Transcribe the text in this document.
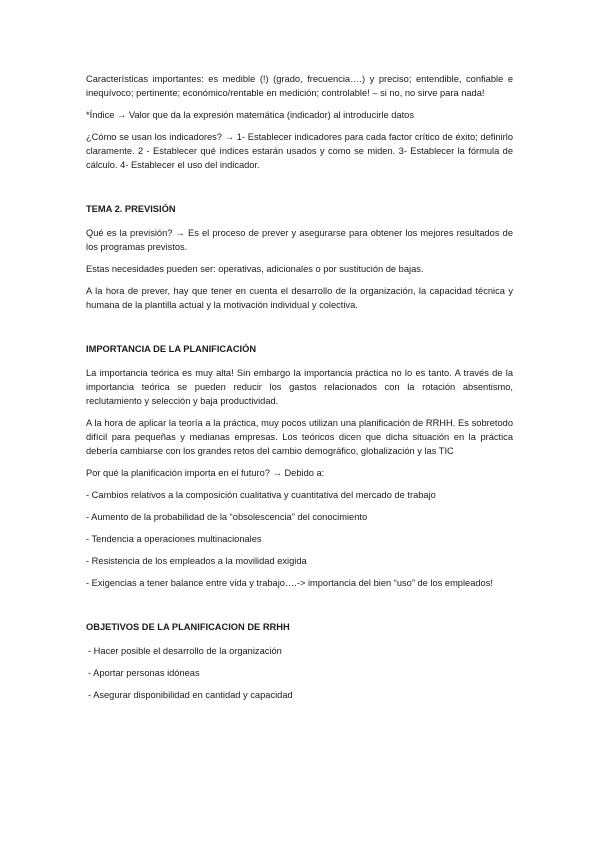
Características importantes: es medible (!) (grado, frecuencia….) y preciso; entendible, confiable e inequívoco; pertinente; económico/rentable en medición; controlable! – si no, no sirve para nada!

*Índice → Valor que da la expresión matemática (indicador) al introducirle datos

¿Cómo se usan los indicadores? → 1- Establecer indicadores para cada factor crítico de éxito; definirlo claramente. 2 - Establecer qué índices estarán usados y como se miden. 3- Establecer la fórmula de cálculo. 4- Establecer el uso del indicador.

TEMA 2. PREVISIÓN

Qué es la previsión? → Es el proceso de prever y asegurarse para obtener los mejores resultados de los programas previstos.

Estas necesidades pueden ser: operativas, adicionales o por sustitución de bajas.

A la hora de prever, hay que tener en cuenta el desarrollo de la organización, la capacidad técnica y humana de la plantilla actual y la motivación individual y colectiva.

IMPORTANCIA DE LA PLANIFICACIÓN

La importancia teórica es muy alta! Sin embargo la importancia práctica no lo es tanto. A través de la importancia teórica se pueden reducir los gastos relacionados con la rotación absentismo, reclutamiento y selección y baja productividad.

A la hora de aplicar la teoría a la práctica, muy pocos utilizan una planificación de RRHH. Es sobretodo difícil para pequeñas y medianas empresas. Los teóricos dicen que dicha situación en la práctica debería cambiarse con los grandes retos del cambio demográfico, globalización y las TIC

Por qué la planificación importa en el futuro? → Debido a:

- Cambios relativos a la composición cualitativa y cuantitativa del mercado de trabajo

- Aumento de la probabilidad de la “obsolescencia” del conocimiento

- Tendencia a operaciones multinacionales

- Resistencia de los empleados a la movilidad exigida

- Exigencias a tener balance entre vida y trabajo….-> importancia del bien “uso” de los empleados!

OBJETIVOS DE LA PLANIFICACION DE RRHH

- Hacer posible el desarrollo de la organización

- Aportar personas idóneas

- Asegurar disponibilidad en cantidad y capacidad
